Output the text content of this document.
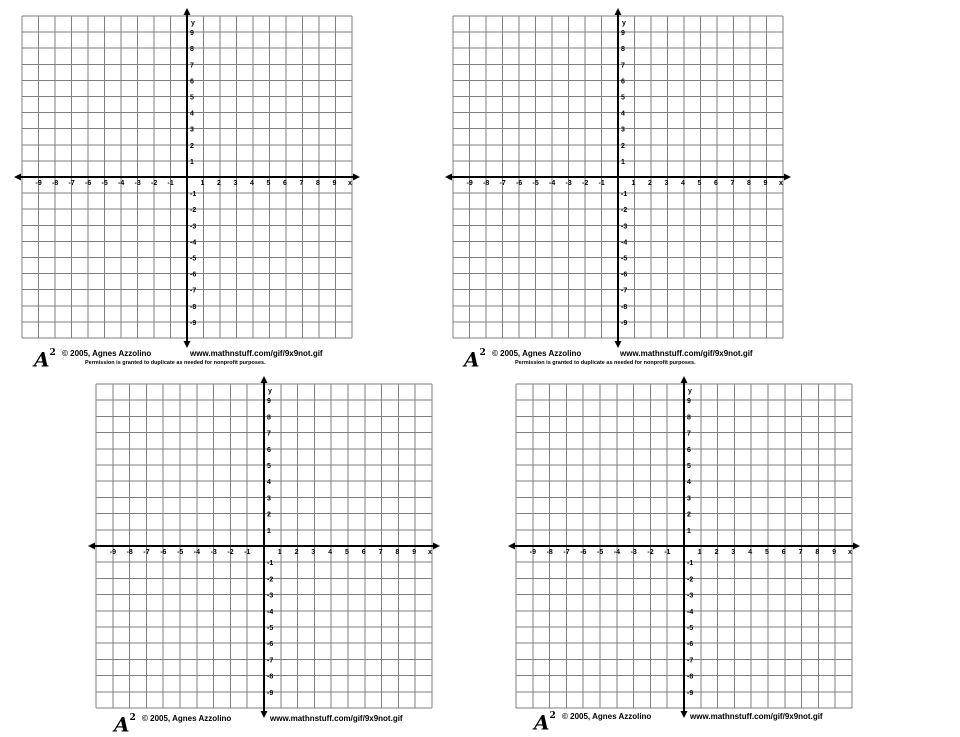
-9
-9
-8
-8
-7
-7
-6
-6
-5
-5
-4
-4
-3
-3
-2
-2
-1
-1
1
1
2
2
3
3
4
4
5
5
6
6
7
7
8
8
9
9
x
y
$A^2$ © 2005, Agnes Azzolino	www.mathnstuff.com/gif/9x9not.gif
Permission is granted to duplicate as needed for nonprofit purposes.
-9
-9
-8
-8
-7
-7
-6
-6
-5
-5
-4
-4
-3
-3
-2
-2
-1
-1
1
1
2
2
3
3
4
4
5
5
6
6
7
7
8
8
9
9
x
y
$A^2$ © 2005, Agnes Azzolino	www.mathnstuff.com/gif/9x9not.gif
Permission is granted to duplicate as needed for nonprofit purposes.
-9
-9
-8
-8
-7
-7
-6
-6
-5
-5
-4
-4
-3
-3
-2
-2
-1
-1
1
1
2
2
3
3
4
4
5
5
6
6
7
7
8
8
9
9
x
y
$A^2$ © 2005, Agnes Azzolino	www.mathnstuff.com/gif/9x9not.gif
-9
-9
-8
-8
-7
-7
-6
-6
-5
-5
-4
-4
-3
-3
-2
-2
-1
-1
1
1
2
2
3
3
4
4
5
5
6
6
7
7
8
8
9
9
x
y
$A^2$ © 2005, Agnes Azzolino	www.mathnstuff.com/gif/9x9not.gif
